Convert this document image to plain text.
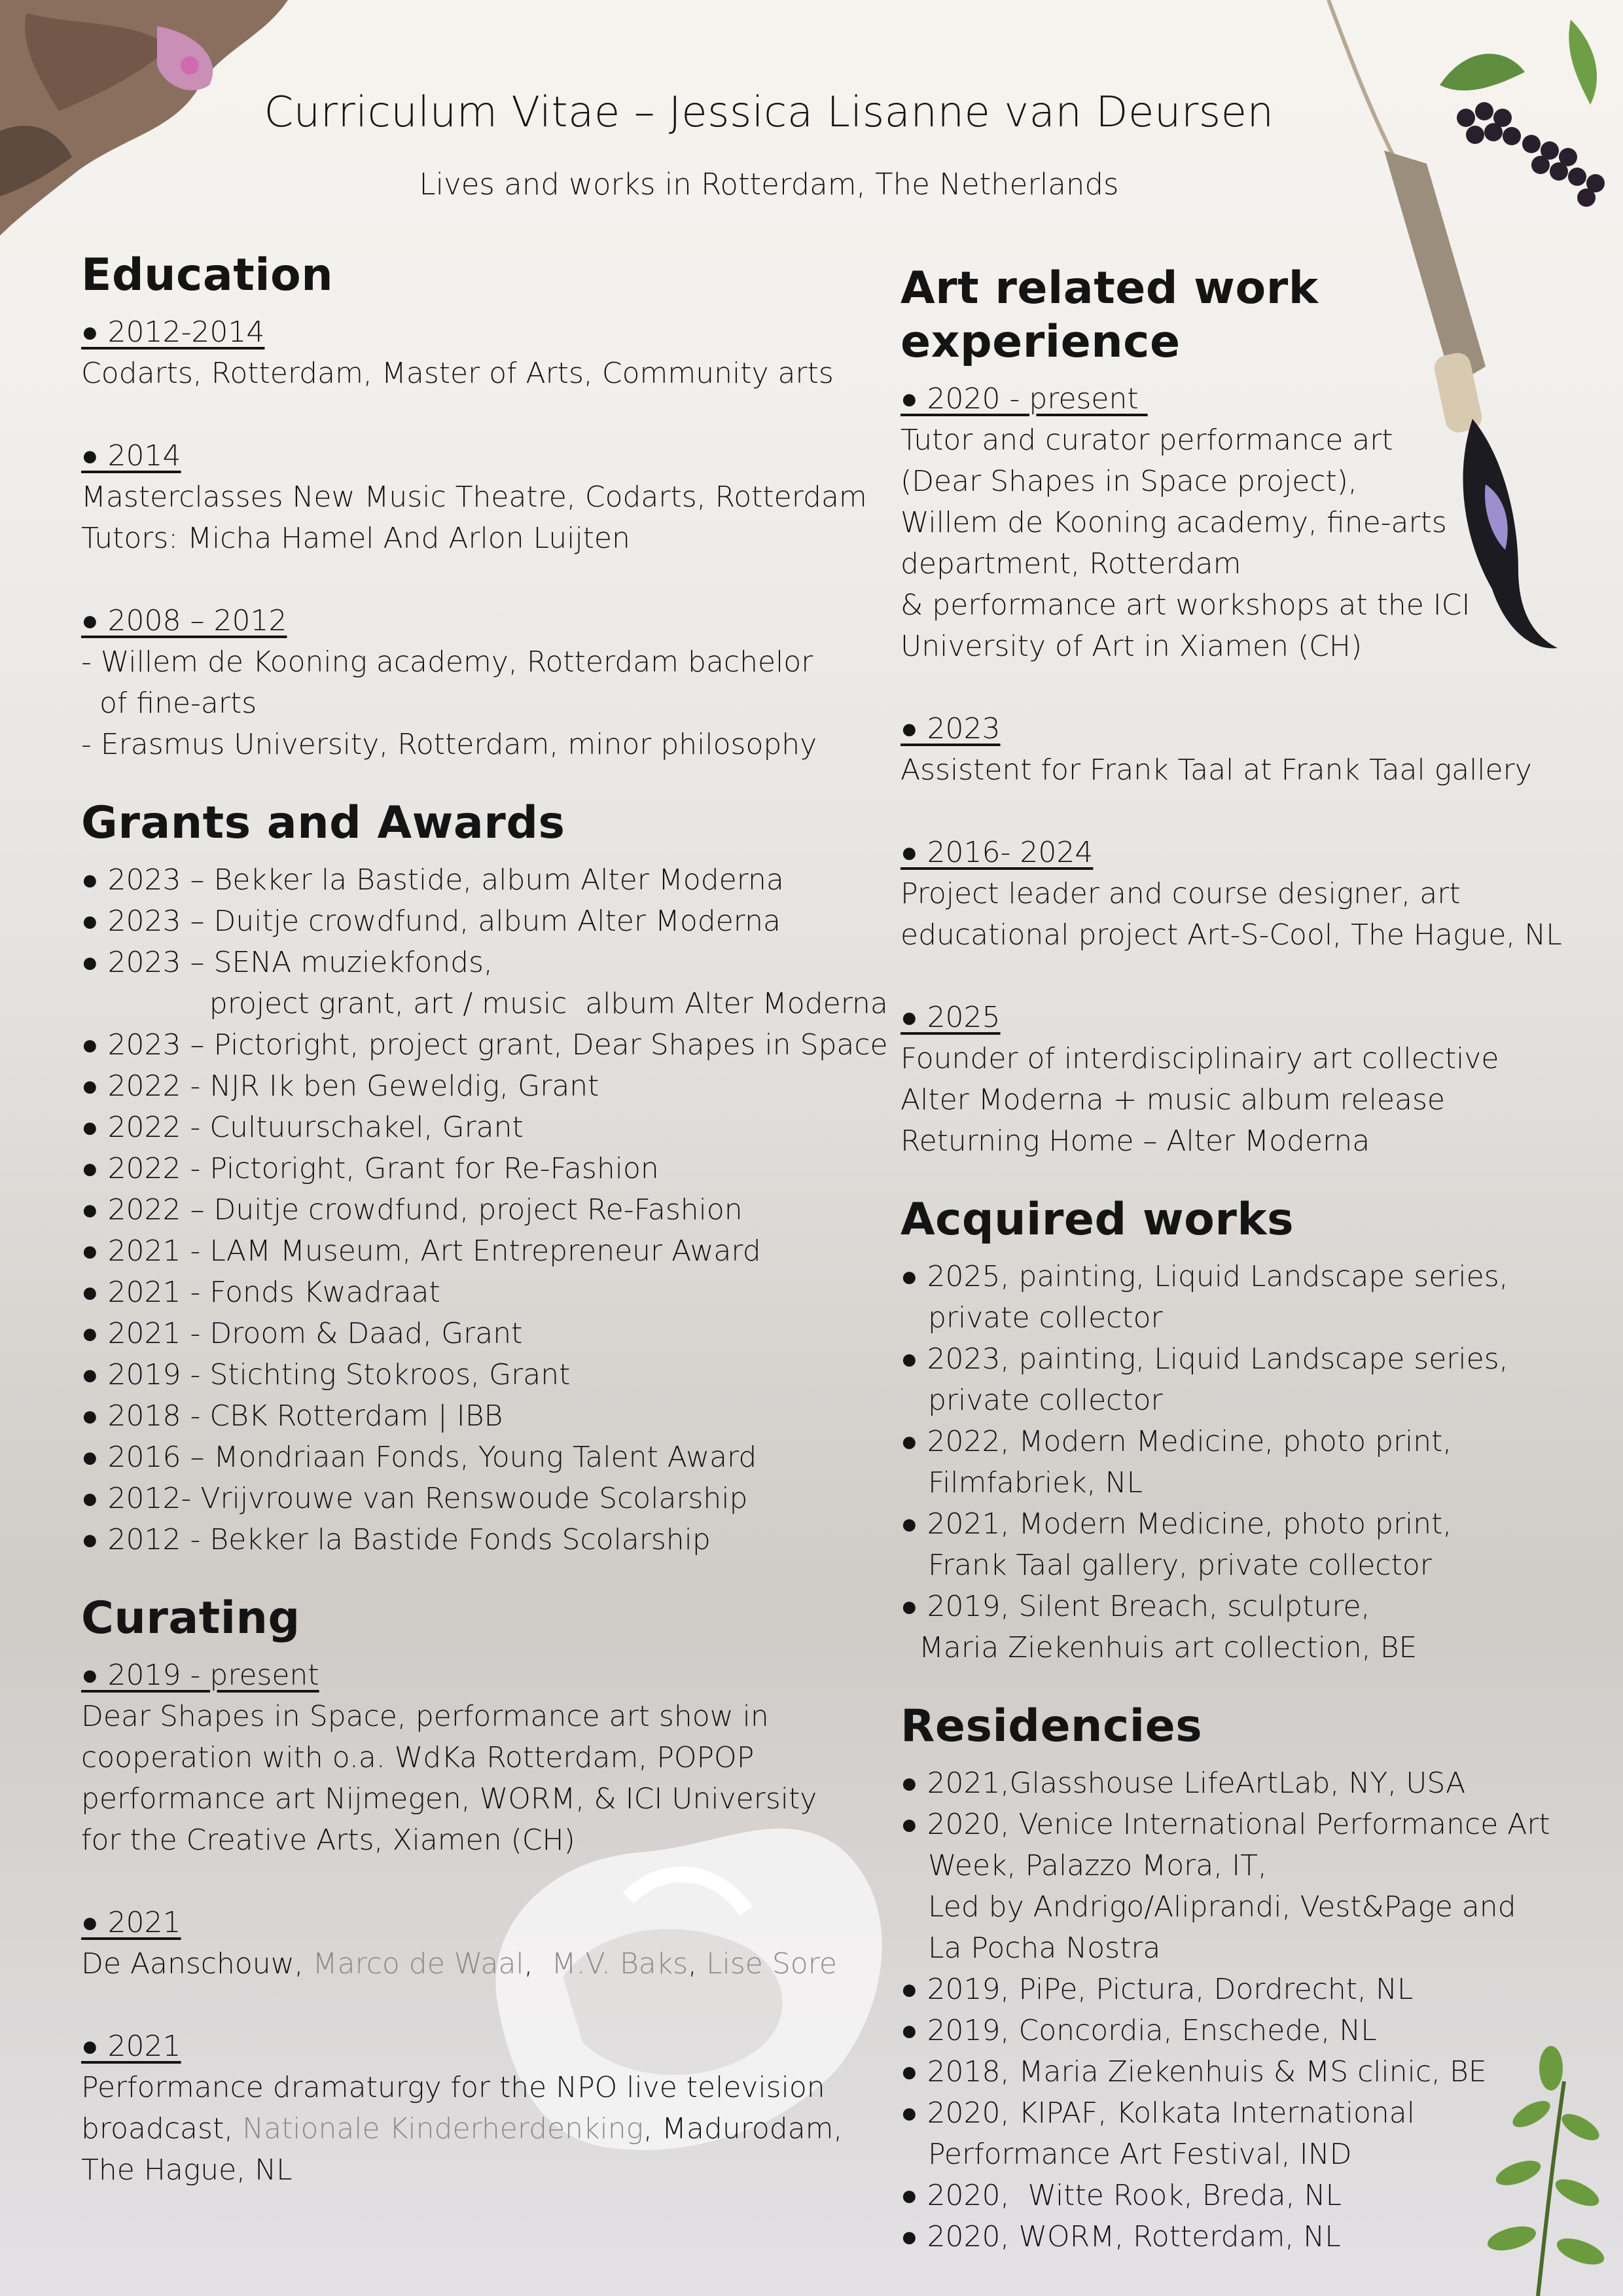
Curriculum Vitae – Jessica Lisanne van Deursen
Lives and works in Rotterdam, The Netherlands
Education
● 2012-2014
Codarts, Rotterdam, Master of Arts, Community arts
● 2014
Masterclasses New Music Theatre, Codarts, Rotterdam
Tutors: Micha Hamel And Arlon Luijten
● 2008 – 2012
- Willem de Kooning academy, Rotterdam bachelor
of fine-arts
- Erasmus University, Rotterdam, minor philosophy
Grants and Awards
● 2023 – Bekker la Bastide, album Alter Moderna
● 2023 – Duitje crowdfund, album Alter Moderna
● 2023 – SENA muziekfonds,
project grant, art / music  album Alter Moderna
● 2023 – Pictoright, project grant, Dear Shapes in Space
● 2022 - NJR Ik ben Geweldig, Grant
● 2022 - Cultuurschakel, Grant
● 2022 - Pictoright, Grant for Re-Fashion
● 2022 – Duitje crowdfund, project Re-Fashion
● 2021 - LAM Museum, Art Entrepreneur Award
● 2021 - Fonds Kwadraat
● 2021 - Droom & Daad, Grant
● 2019 - Stichting Stokroos, Grant
● 2018 - CBK Rotterdam | IBB
● 2016 – Mondriaan Fonds, Young Talent Award
● 2012- Vrijvrouwe van Renswoude Scolarship
● 2012 - Bekker la Bastide Fonds Scolarship
Curating
● 2019 - present
Dear Shapes in Space, performance art show in
cooperation with o.a. WdKa Rotterdam, POPOP
performance art Nijmegen, WORM, & ICI University
for the Creative Arts, Xiamen (CH)
● 2021
De Aanschouw, Marco de Waal,  M.V. Baks, Lise Sore
● 2021
Performance dramaturgy for the NPO live television
broadcast, Nationale Kinderherdenking, Madurodam,
The Hague, NL
Art related work experience
● 2020 - present
Tutor and curator performance art
(Dear Shapes in Space project),
Willem de Kooning academy, fine-arts
department, Rotterdam
& performance art workshops at the ICI
University of Art in Xiamen (CH)
● 2023
Assistent for Frank Taal at Frank Taal gallery
● 2016- 2024
Project leader and course designer, art
educational project Art-S-Cool, The Hague, NL
● 2025
Founder of interdisciplinairy art collective
Alter Moderna + music album release
Returning Home – Alter Moderna
Acquired works
● 2025, painting, Liquid Landscape series,
private collector
● 2023, painting, Liquid Landscape series,
private collector
● 2022, Modern Medicine, photo print,
Filmfabriek, NL
● 2021, Modern Medicine, photo print,
Frank Taal gallery, private collector
● 2019, Silent Breach, sculpture,
Maria Ziekenhuis art collection, BE
Residencies
● 2021,Glasshouse LifeArtLab, NY, USA
● 2020, Venice International Performance Art
Week, Palazzo Mora, IT,
Led by Andrigo/Aliprandi, Vest&Page and
La Pocha Nostra
● 2019, PiPe, Pictura, Dordrecht, NL
● 2019, Concordia, Enschede, NL
● 2018, Maria Ziekenhuis & MS clinic, BE
● 2020, KIPAF, Kolkata International
Performance Art Festival, IND
● 2020,  Witte Rook, Breda, NL
● 2020, WORM, Rotterdam, NL
